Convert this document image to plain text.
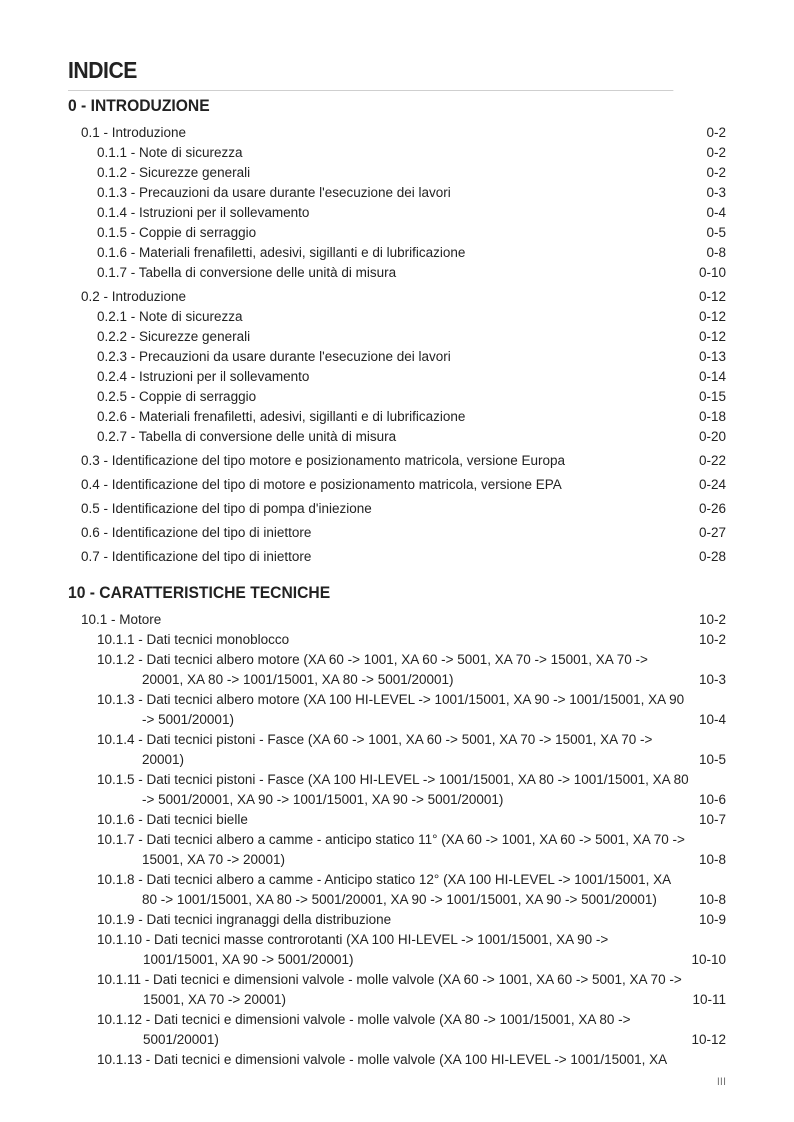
INDICE
0 - INTRODUZIONE
0.1 - Introduzione	0-2
0.1.1 - Note di sicurezza	0-2
0.1.2 - Sicurezze generali	0-2
0.1.3 - Precauzioni da usare durante l'esecuzione dei lavori	0-3
0.1.4 - Istruzioni per il sollevamento	0-4
0.1.5 - Coppie di serraggio	0-5
0.1.6 - Materiali frenafiletti, adesivi, sigillanti e di lubrificazione	0-8
0.1.7 - Tabella di conversione delle unità di misura	0-10
0.2 - Introduzione	0-12
0.2.1 - Note di sicurezza	0-12
0.2.2 - Sicurezze generali	0-12
0.2.3 - Precauzioni da usare durante l'esecuzione dei lavori	0-13
0.2.4 - Istruzioni per il sollevamento	0-14
0.2.5 - Coppie di serraggio	0-15
0.2.6 - Materiali frenafiletti, adesivi, sigillanti e di lubrificazione	0-18
0.2.7 - Tabella di conversione delle unità di misura	0-20
0.3 - Identificazione del tipo motore e posizionamento matricola, versione Europa	0-22
0.4 - Identificazione del tipo di motore e posizionamento matricola, versione EPA	0-24
0.5 - Identificazione del tipo di pompa d'iniezione	0-26
0.6 - Identificazione del tipo di iniettore	0-27
0.7 - Identificazione del tipo di iniettore	0-28
10 - CARATTERISTICHE TECNICHE
10.1 - Motore	10-2
10.1.1 - Dati tecnici monoblocco	10-2
10.1.2 - Dati tecnici albero motore (XA 60 -> 1001, XA 60 -> 5001, XA 70 -> 15001, XA 70 -> 20001, XA 80 -> 1001/15001, XA 80 -> 5001/20001)	10-3
10.1.3 - Dati tecnici albero motore (XA 100 HI-LEVEL -> 1001/15001, XA 90 -> 1001/15001, XA 90 -> 5001/20001)	10-4
10.1.4 - Dati tecnici pistoni - Fasce (XA 60 -> 1001, XA 60 -> 5001, XA 70 -> 15001, XA 70 -> 20001)	10-5
10.1.5 - Dati tecnici pistoni - Fasce (XA 100 HI-LEVEL -> 1001/15001, XA 80 -> 1001/15001, XA 80 -> 5001/20001, XA 90 -> 1001/15001, XA 90 -> 5001/20001)	10-6
10.1.6 - Dati tecnici bielle	10-7
10.1.7 - Dati tecnici albero a camme - anticipo statico 11° (XA 60 -> 1001, XA 60 -> 5001, XA 70 -> 15001, XA 70 -> 20001)	10-8
10.1.8 - Dati tecnici albero a camme - Anticipo statico 12° (XA 100 HI-LEVEL -> 1001/15001, XA 80 -> 1001/15001, XA 80 -> 5001/20001, XA 90 -> 1001/15001, XA 90 -> 5001/20001)	10-8
10.1.9 - Dati tecnici ingranaggi della distribuzione	10-9
10.1.10 - Dati tecnici masse controrotanti (XA 100 HI-LEVEL -> 1001/15001, XA 90 -> 1001/15001, XA 90 -> 5001/20001)	10-10
10.1.11 - Dati tecnici e dimensioni valvole - molle valvole (XA 60 -> 1001, XA 60 -> 5001, XA 70 -> 15001, XA 70 -> 20001)	10-11
10.1.12 - Dati tecnici e dimensioni valvole - molle valvole (XA 80 -> 1001/15001, XA 80 -> 5001/20001)	10-12
10.1.13 - Dati tecnici e dimensioni valvole - molle valvole (XA 100 HI-LEVEL -> 1001/15001, XA
III
